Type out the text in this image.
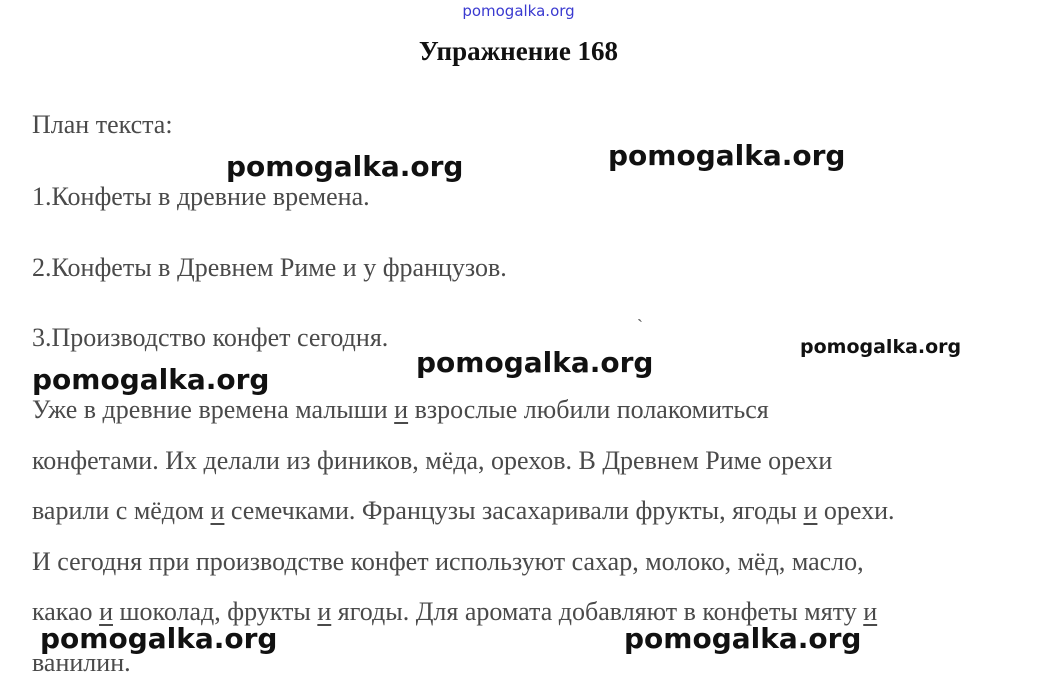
pomogalka.org
Упражнение 168
План текста:
1.Конфеты в древние времена.
2.Конфеты в Древнем Риме и у французов.
3.Производство конфет сегодня.	`
Уже в древние времена малыши и взрослые любили полакомиться
конфетами. Их делали из фиников, мёда, орехов. В Древнем Риме орехи
варили с мёдом и семечками. Французы засахаривали фрукты, ягоды и орехи.
И сегодня при производстве конфет используют сахар, молоко, мёд, масло,
какао и шоколад, фрукты и ягоды. Для аромата добавляют в конфеты мяту и
ванилин.
pomogalka.org	pomogalka.org
pomogalka.org	pomogalka.org
pomogalka.org
pomogalka.org	pomogalka.org
